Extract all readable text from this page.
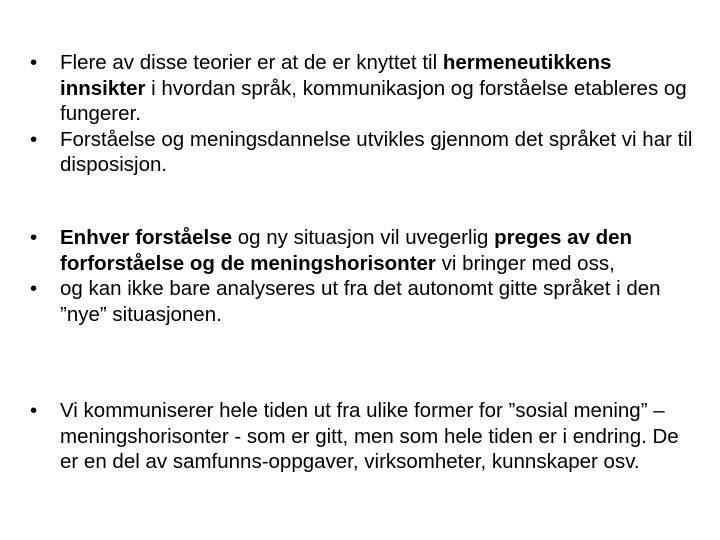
• Flere av disse teorier er at de er knyttet til hermeneutikkens innsikter i hvordan språk, kommunikasjon og forståelse etableres og fungerer.

• Forståelse og meningsdannelse utvikles gjennom det språket vi har til disposisjon.

• Enhver forståelse og ny situasjon vil uvegerlig preges av den forforståelse og de meningshorisonter vi bringer med oss,

• og kan ikke bare analyseres ut fra det autonomt gitte språket i den ”nye” situasjonen.

• Vi kommuniserer hele tiden ut fra ulike former for ”sosial mening” – meningshorisonter - som er gitt, men som hele tiden er i endring. De er en del av samfunns-oppgaver, virksomheter, kunnskaper osv.
